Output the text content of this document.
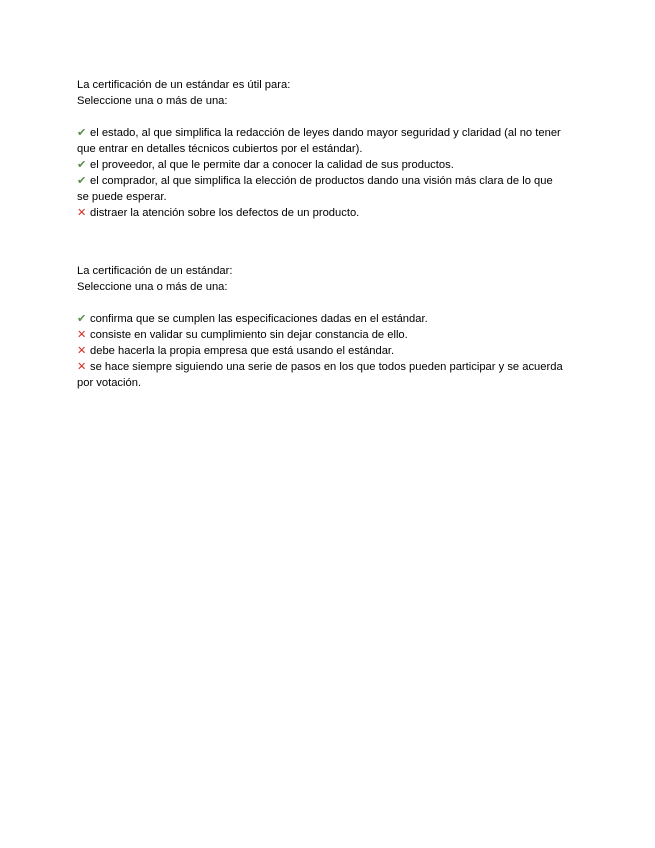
La certificación de un estándar es útil para:

Seleccione una o más de una:

✔ el estado, al que simplifica la redacción de leyes dando mayor seguridad y claridad (al no tener que entrar en detalles técnicos cubiertos por el estándar).

✔ el proveedor, al que le permite dar a conocer la calidad de sus productos.

✔ el comprador, al que simplifica la elección de productos dando una visión más clara de lo que se puede esperar.

✕ distraer la atención sobre los defectos de un producto.

La certificación de un estándar:

Seleccione una o más de una:

✔ confirma que se cumplen las especificaciones dadas en el estándar.

✕ consiste en validar su cumplimiento sin dejar constancia de ello.

✕ debe hacerla la propia empresa que está usando el estándar.

✕ se hace siempre siguiendo una serie de pasos en los que todos pueden participar y se acuerda por votación.
